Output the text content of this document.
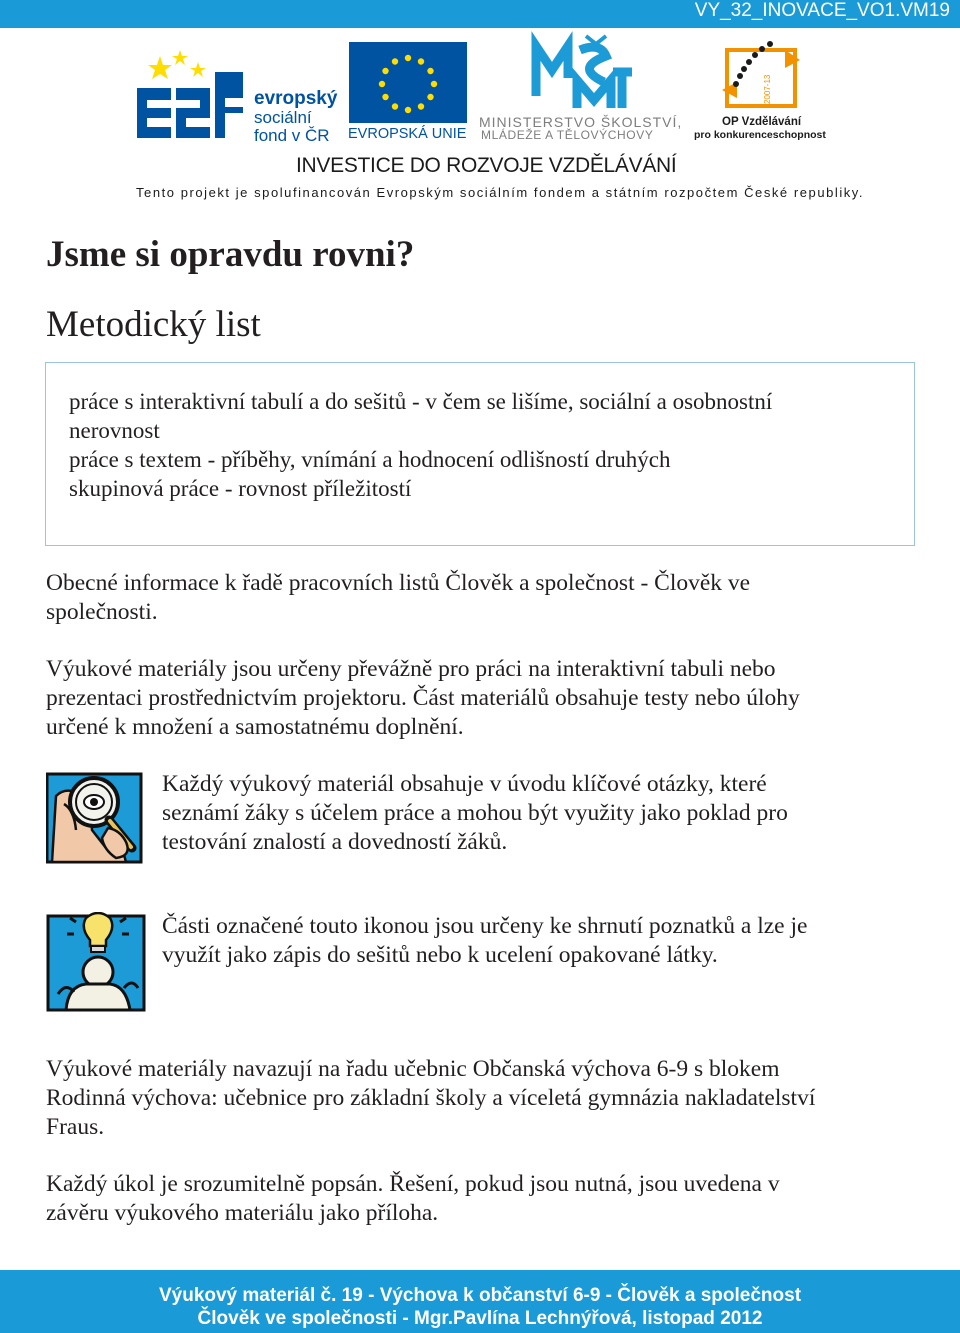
VY_32_INOVACE_VO1.VM19
evropský
sociální
fond v ČR EVROPSKÁ UNIE
MINISTERSTVO ŠKOLSTVÍ,
MLÁDEŽE A TĚLOVÝCHOVY
2007-13
OP Vzdělávání
pro konkurenceschopnost
INVESTICE DO ROZVOJE VZDĚLÁVÁNÍ
Tento projekt je spolufinancován Evropským sociálním fondem a státním rozpočtem České republiky.
Jsme si opravdu rovni?
Metodický list
práce s interaktivní tabulí a do sešitů - v čem se lišíme, sociální a osobnostní
nerovnost
práce s textem - příběhy, vnímání a hodnocení odlišností druhých
skupinová práce - rovnost příležitostí

Obecné informace k řadě pracovních listů Člověk a společnost - Člověk ve
společnosti.

Výukové materiály jsou určeny převážně pro práci na interaktivní tabuli nebo
prezentaci prostřednictvím projektoru. Část materiálů obsahuje testy nebo úlohy
určené k množení a samostatnému doplnění.

Každý výukový materiál obsahuje v úvodu klíčové otázky, které
seznámí žáky s účelem práce a mohou být využity jako poklad pro
testování znalostí a dovedností žáků.

Části označené touto ikonou jsou určeny ke shrnutí poznatků a lze je
využít jako zápis do sešitů nebo k ucelení opakované látky.

Výukové materiály navazují na řadu učebnic Občanská výchova 6-9 s blokem
Rodinná výchova: učebnice pro základní školy a víceletá gymnázia nakladatelství
Fraus.

Každý úkol je srozumitelně popsán. Řešení, pokud jsou nutná, jsou uvedena v
závěru výukového materiálu jako příloha.

Výukový materiál č. 19 - Výchova k občanství 6-9 - Člověk a společnost
Člověk ve společnosti - Mgr.Pavlína Lechnýřová, listopad 2012
